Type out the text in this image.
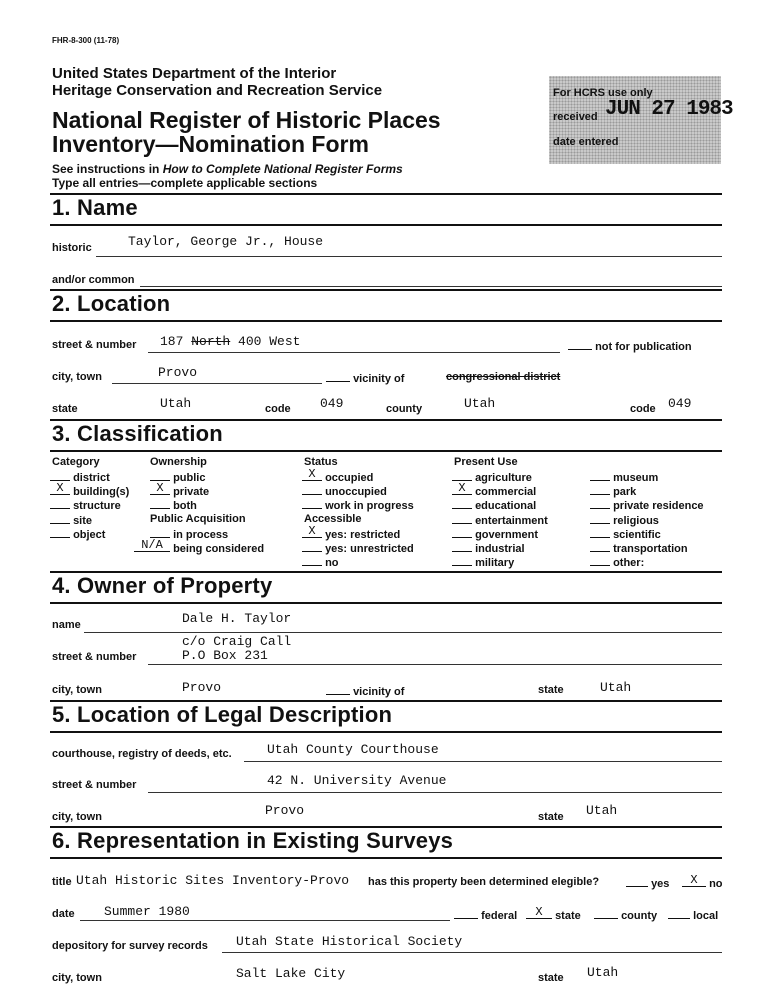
FHR-8-300 (11-78)
United States Department of the Interior
Heritage Conservation and Recreation Service
National Register of Historic Places
Inventory—Nomination Form
See instructions in How to Complete National Register Forms
Type all entries—complete applicable sections
For HCRS use only
received JUN 27 1983
date entered
1. Name
historic	Taylor, George Jr., House
and/or common
2. Location
street & number 187 North 400 West	not for publication
city, town	Provo	vicinity of	congressional district
state	Utah	code 049	county	Utah	code 049
3. Classification
Category
district
X building(s)
structure
site
object
Ownership
public
X private
both
Public Acquisition
in process
N/A being considered
Status
X occupied
unoccupied
work in progress
Accessible
X yes: restricted
yes: unrestricted
no
Present Use
agriculture
X commercial
educational
entertainment
government
industrial
military
museum
park
private residence
religious
scientific
transportation
other:
4. Owner of Property
name	Dale H. Taylor
c/o Craig Call
street & number	P.O Box 231
city, town	Provo	vicinity of	state	Utah
5. Location of Legal Description
courthouse, registry of deeds, etc.	Utah County Courthouse
street & number	42 N. University Avenue
city, town	Provo	state Utah
6. Representation in Existing Surveys
title Utah Historic Sites Inventory-Provo has this property been determined elegible?	yes	X	no
date Summer 1980	federal	X	state	county	local
depository for survey records Utah State Historical Society
city, town	Salt Lake City	state Utah
